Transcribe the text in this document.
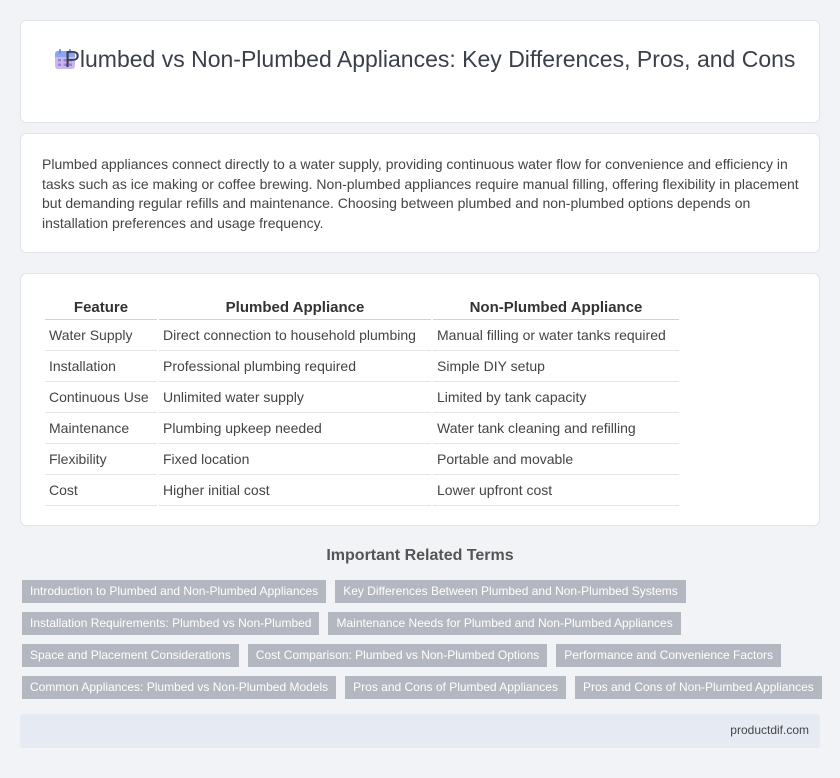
Plumbed vs Non-Plumbed Appliances: Key Differences, Pros, and Cons

Plumbed appliances connect directly to a water supply, providing continuous water flow for convenience and efficiency in tasks such as ice making or coffee brewing. Non-plumbed appliances require manual filling, offering flexibility in placement but demanding regular refills and maintenance. Choosing between plumbed and non-plumbed options depends on installation preferences and usage frequency.

Feature	Plumbed Appliance	Non-Plumbed Appliance
Water Supply	Direct connection to household plumbing	Manual filling or water tanks required
Installation	Professional plumbing required	Simple DIY setup
Continuous Use	Unlimited water supply	Limited by tank capacity
Maintenance	Plumbing upkeep needed	Water tank cleaning and refilling
Flexibility	Fixed location	Portable and movable
Cost	Higher initial cost	Lower upfront cost
Important Related Terms
Introduction to Plumbed and Non-Plumbed Appliances	Key Differences Between Plumbed and Non-Plumbed Systems
Installation Requirements: Plumbed vs Non-Plumbed	Maintenance Needs for Plumbed and Non-Plumbed Appliances
Space and Placement Considerations	Cost Comparison: Plumbed vs Non-Plumbed Options	Performance and Convenience Factors
Common Appliances: Plumbed vs Non-Plumbed Models	Pros and Cons of Plumbed Appliances	Pros and Cons of Non-Plumbed Appliances
productdif.com
